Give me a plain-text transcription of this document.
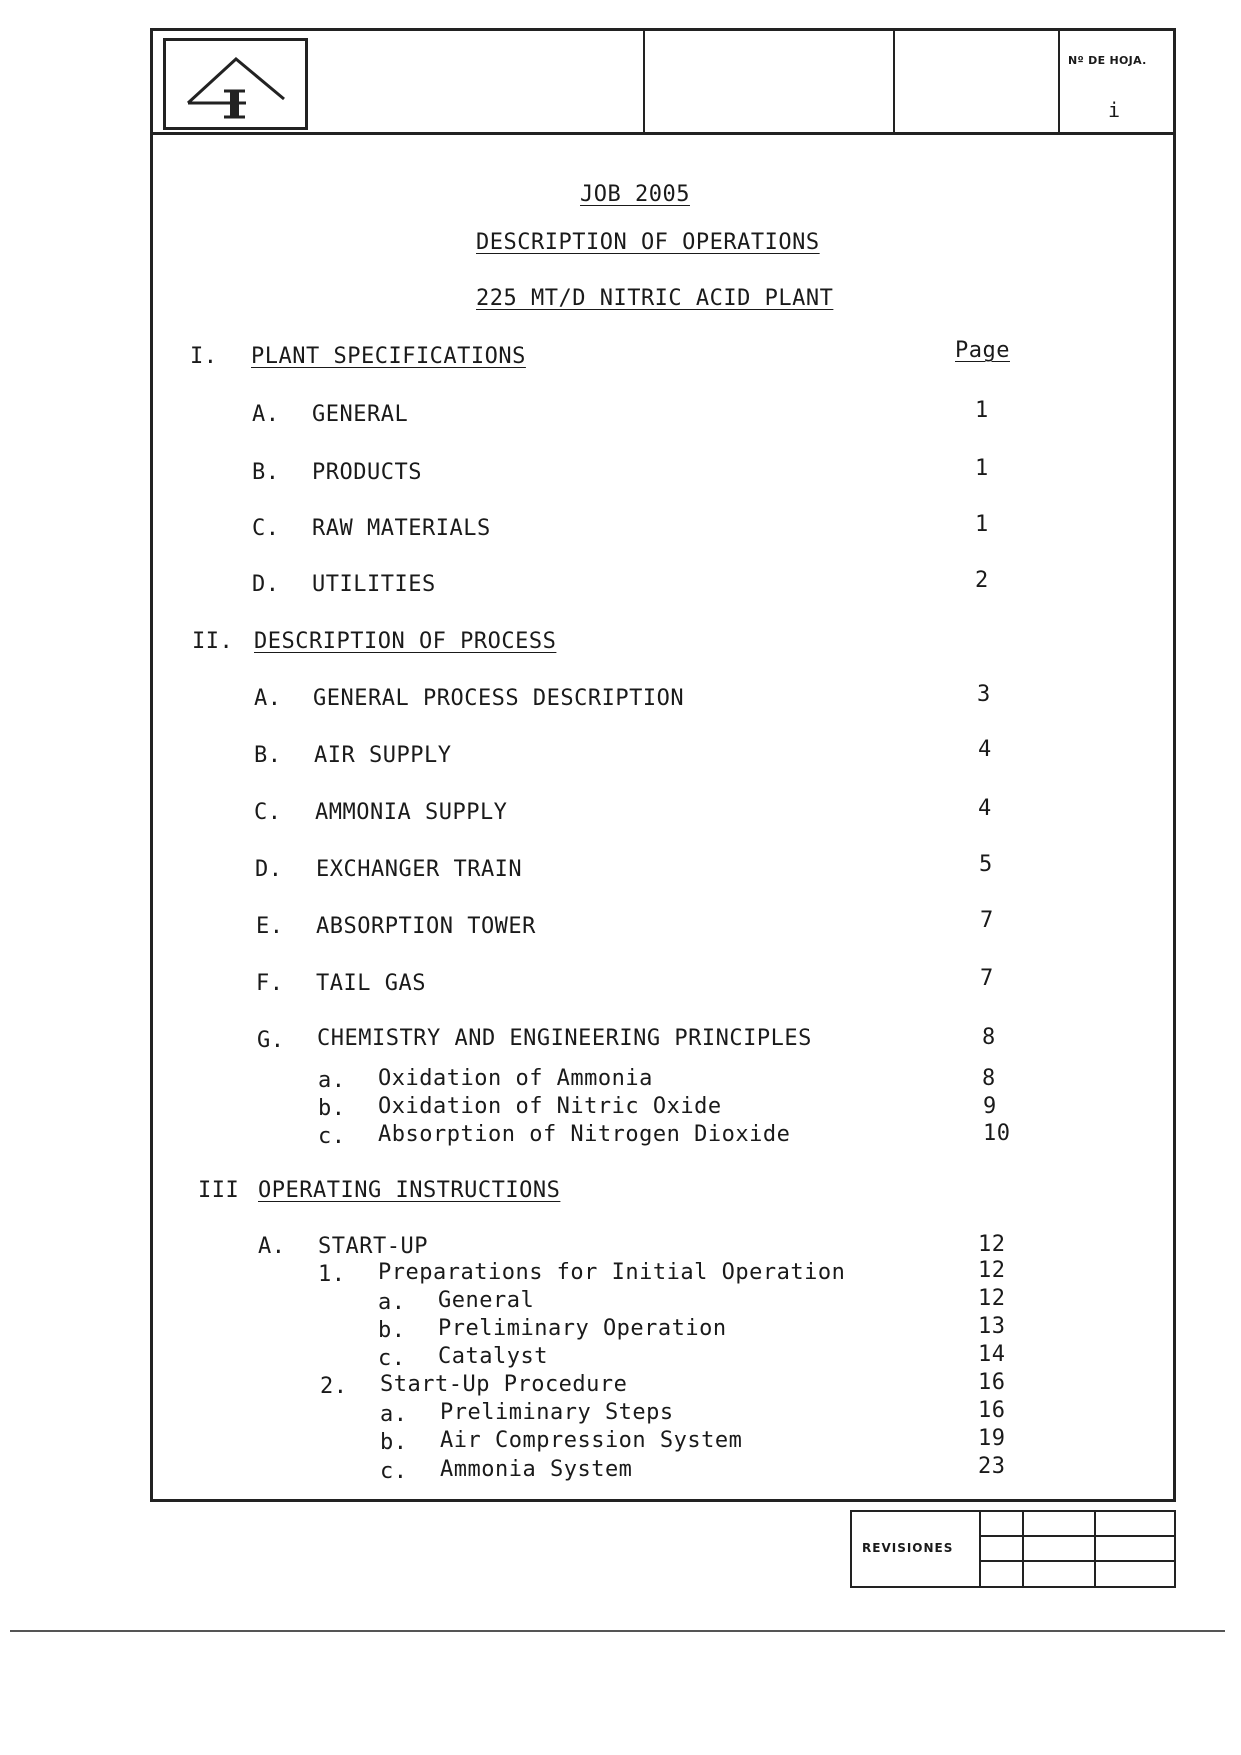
Nº DE HOJA.
i
JOB 2005
DESCRIPTION OF OPERATIONS
225 MT/D NITRIC ACID PLANT
Page
I. PLANT SPECIFICATIONS
A. GENERAL	1
B. PRODUCTS	1
C. RAW MATERIALS	1
D. UTILITIES	2
II. DESCRIPTION OF PROCESS
A. GENERAL PROCESS DESCRIPTION	3
B. AIR SUPPLY	4
C. AMMONIA SUPPLY	4
D. EXCHANGER TRAIN	5
E. ABSORPTION TOWER	7
F. TAIL GAS	7
G. CHEMISTRY AND ENGINEERING PRINCIPLES	8
a. Oxidation of Ammonia	8
b. Oxidation of Nitric Oxide	9
c. Absorption of Nitrogen Dioxide	10
III OPERATING INSTRUCTIONS
A. START-UP	12
1. Preparations for Initial Operation	12
a. General	12
b. Preliminary Operation	13
c. Catalyst	14
2. Start-Up Procedure	16
a. Preliminary Steps	16
b. Air Compression System	19
c. Ammonia System	23
REVISIONES
